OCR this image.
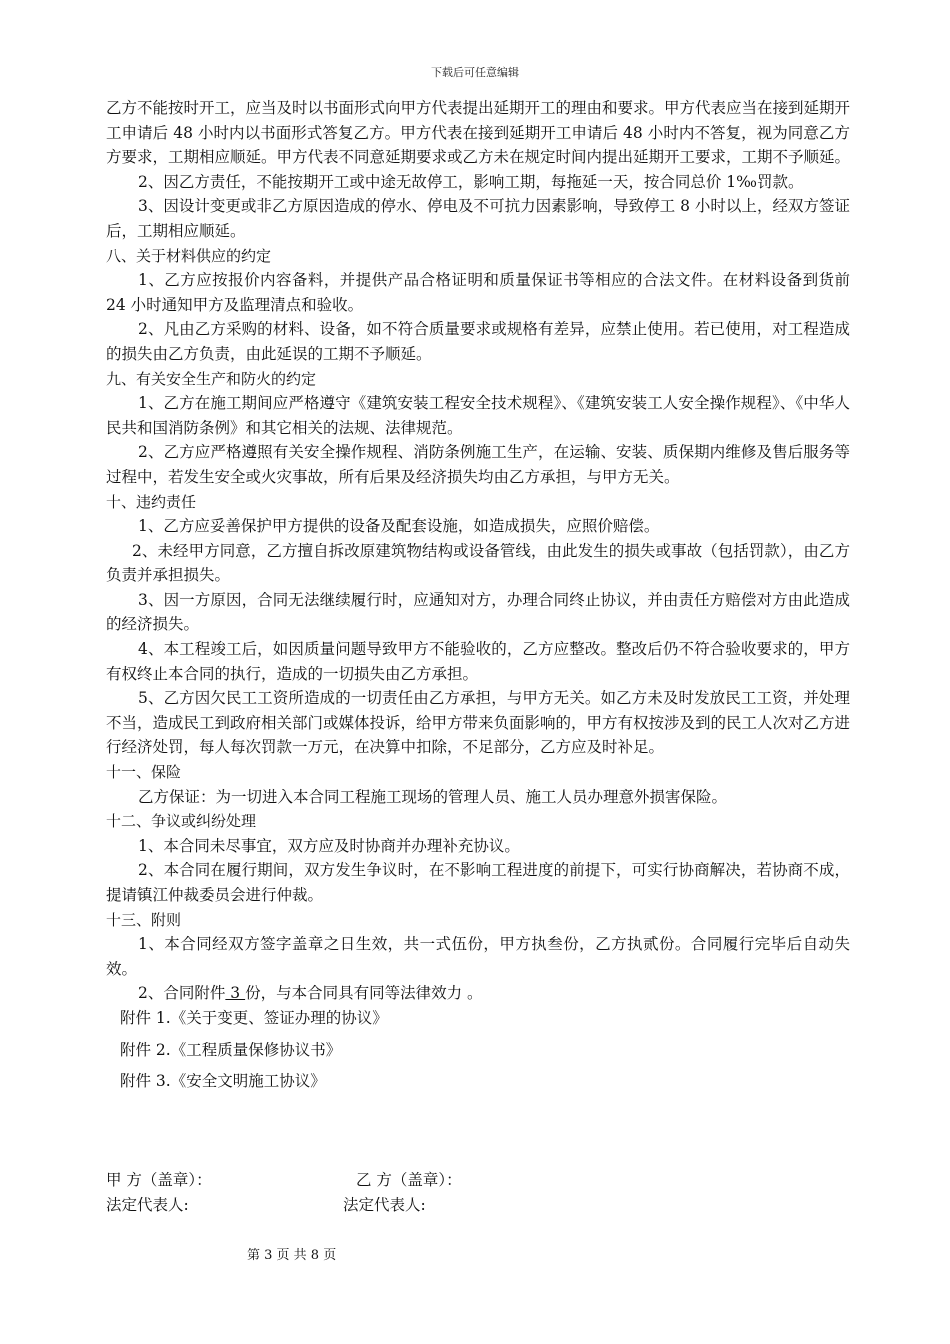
下载后可任意编辑

乙方不能按时开工，应当及时以书面形式向甲方代表提出延期开工的理由和要求。甲方代表应当在接到延期开工申请后 48 小时内以书面形式答复乙方。甲方代表在接到延期开工申请后 48 小时内不答复，视为同意乙方方要求，工期相应顺延。甲方代表不同意延期要求或乙方未在规定时间内提出延期开工要求，工期不予顺延。

2、因乙方责任，不能按期开工或中途无故停工，影响工期，每拖延一天，按合同总价 1‰罚款。

3、因设计变更或非乙方原因造成的停水、停电及不可抗力因素影响，导致停工 8 小时以上，经双方签证后，工期相应顺延。

八、关于材料供应的约定

1、乙方应按报价内容备料，并提供产品合格证明和质量保证书等相应的合法文件。在材料设备到货前 24 小时通知甲方及监理清点和验收。

2、凡由乙方采购的材料、设备，如不符合质量要求或规格有差异，应禁止使用。若已使用，对工程造成的损失由乙方负责，由此延误的工期不予顺延。

九、有关安全生产和防火的约定

1、乙方在施工期间应严格遵守《建筑安装工程安全技术规程》、《建筑安装工人安全操作规程》、《中华人民共和国消防条例》和其它相关的法规、法律规范。

2、乙方应严格遵照有关安全操作规程、消防条例施工生产，在运输、安装、质保期内维修及售后服务等过程中，若发生安全或火灾事故，所有后果及经济损失均由乙方承担，与甲方无关。

十、违约责任

1、乙方应妥善保护甲方提供的设备及配套设施，如造成损失，应照价赔偿。

2、未经甲方同意，乙方擅自拆改原建筑物结构或设备管线，由此发生的损失或事故（包括罚款），由乙方负责并承担损失。

3、因一方原因，合同无法继续履行时，应通知对方，办理合同终止协议，并由责任方赔偿对方由此造成的经济损失。

4、本工程竣工后，如因质量问题导致甲方不能验收的，乙方应整改。整改后仍不符合验收要求的，甲方有权终止本合同的执行，造成的一切损失由乙方承担。

5、乙方因欠民工工资所造成的一切责任由乙方承担，与甲方无关。如乙方未及时发放民工工资，并处理不当，造成民工到政府相关部门或媒体投诉，给甲方带来负面影响的，甲方有权按涉及到的民工人次对乙方进行经济处罚，每人每次罚款一万元，在决算中扣除，不足部分，乙方应及时补足。

十一、保险

乙方保证：为一切进入本合同工程施工现场的管理人员、施工人员办理意外损害保险。

十二、争议或纠纷处理

1、本合同未尽事宜，双方应及时协商并办理补充协议。

2、本合同在履行期间，双方发生争议时，在不影响工程进度的前提下，可实行协商解决，若协商不成，提请镇江仲裁委员会进行仲裁。

十三、附则

1、本合同经双方签字盖章之日生效，共一式伍份，甲方执叁份，乙方执贰份。合同履行完毕后自动失效。

2、合同附件 3 份，与本合同具有同等法律效力 。

附件 1.《关于变更、签证办理的协议》

附件 2.《工程质量保修协议书》

附件 3.《安全文明施工协议》

甲 方（盖章）：	乙 方（盖章）：
法定代表人:	法定代表人:
第 3 页 共 8 页
